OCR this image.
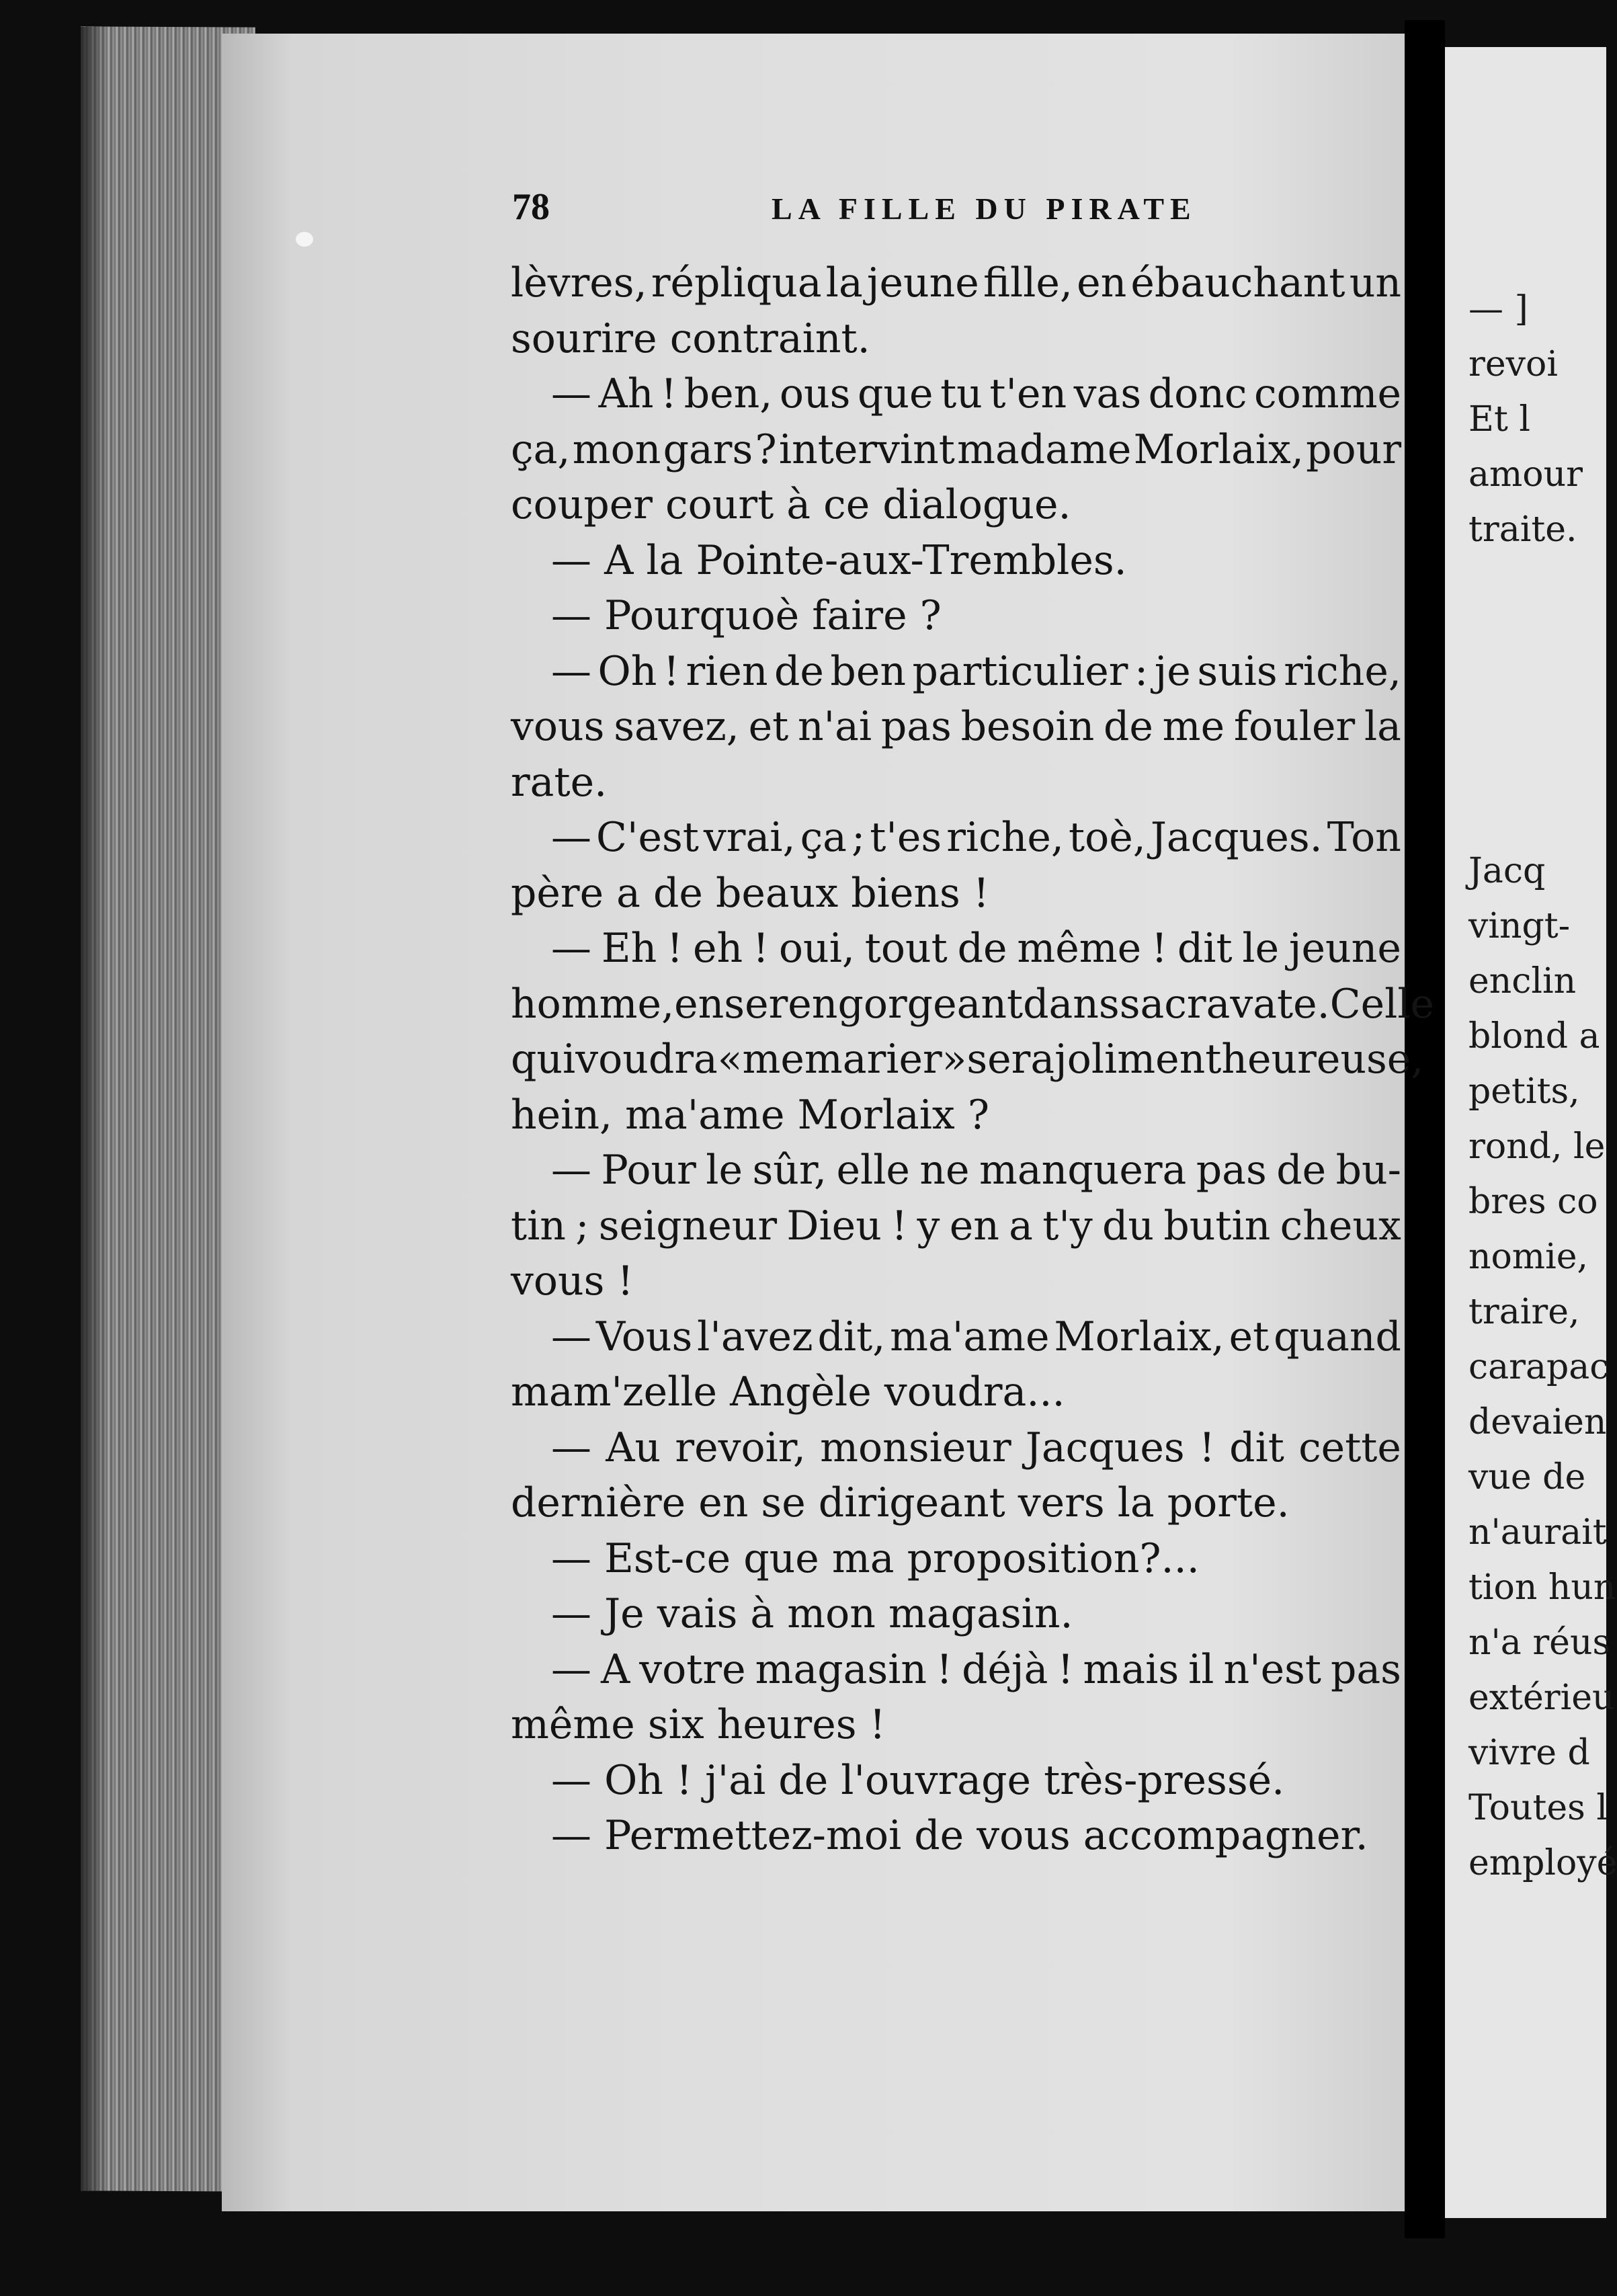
78	LA FILLE DU PIRATE
lèvres, répliqua la jeune fille, en ébauchant un
sourire contraint.
— Ah ! ben, ous que tu t'en vas donc comme
ça, mon gars ? intervint madame Morlaix, pour
couper court à ce dialogue.
— A la Pointe-aux-Trembles.
— Pourquoè faire ?
— Oh ! rien de ben particulier : je suis riche,
vous savez, et n'ai pas besoin de me fouler la
rate.
— C'est vrai, ça ; t'es riche, toè, Jacques. Ton
père a de beaux biens !
— Eh ! eh ! oui, tout de même ! dit le jeune
homme, en se rengorgeant dans sa cravate. Celle
qui voudra « me marier » sera joliment heureuse,
hein, ma'ame Morlaix ?
— Pour le sûr, elle ne manquera pas de bu-
tin ; seigneur Dieu ! y en a t'y du butin cheux
vous !
— Vous l'avez dit, ma'ame Morlaix, et quand
mam'zelle Angèle voudra...
— Au revoir, monsieur Jacques ! dit cette
dernière en se dirigeant vers la porte.
— Est-ce que ma proposition?...
— Je vais à mon magasin.
— A votre magasin ! déjà ! mais il n'est pas
même six heures !
— Oh ! j'ai de l'ouvrage très-pressé.
— Permettez-moi de vous accompagner.
— ]
revoi
Et l
amour
traite.
Jacq
vingt-
enclin
blond a
petits,
rond, le
bres co
nomie,
traire,
carapac
devaien
vue de
n'aurait
tion hun
n'a réus
extérieu
vivre d
Toutes l
employé
